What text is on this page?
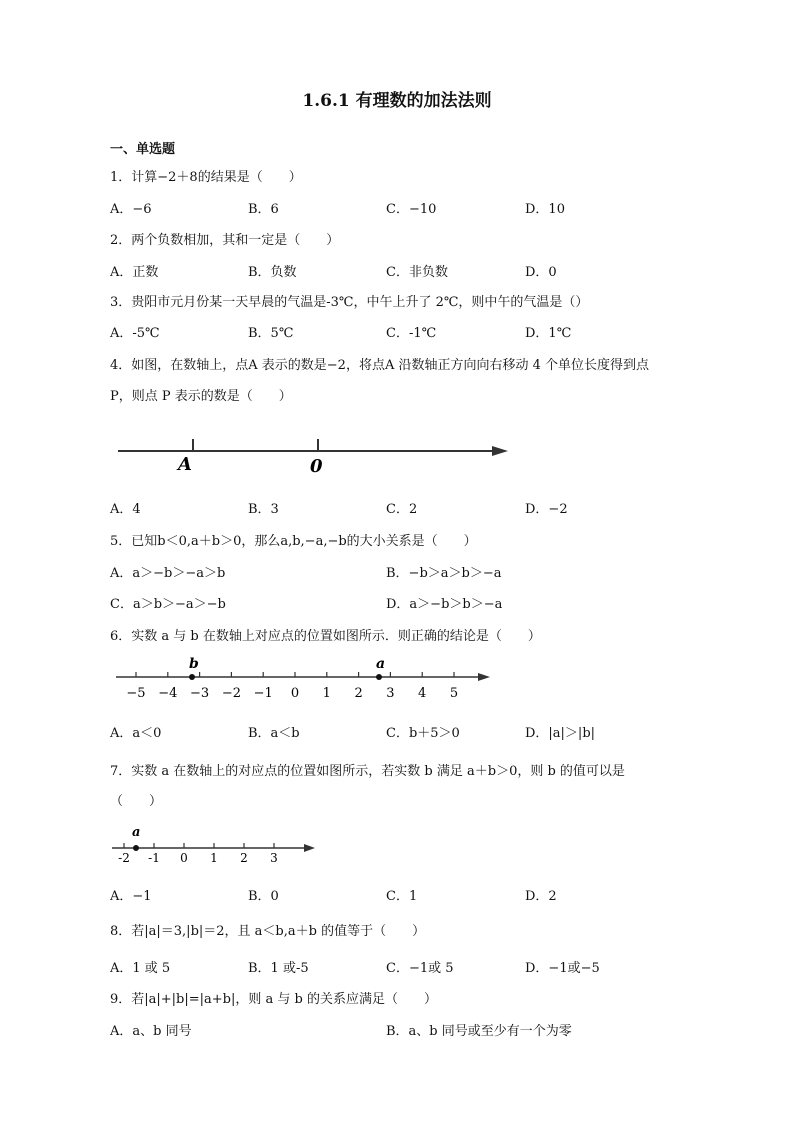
1.6.1 有理数的加法法则
一、单选题
1．计算−2＋8的结果是（　　）
A．−6	B．6	C．−10	D．10
2．两个负数相加，其和一定是（　　）
A．正数	B．负数	C．非负数	D．0
3．贵阳市元月份某一天早晨的气温是-3℃，中午上升了 2℃，则中午的气温是（）
A．-5℃	B．5℃	C．-1℃	D．1℃
4．如图，在数轴上，点A 表示的数是−2，将点A 沿数轴正方向向右移动 4 个单位长度得到点
P，则点 P 表示的数是（　　）
A	0
A．4	B．3	C．2	D．−2
5．已知b＜0,a＋b＞0，那么a,b,−a,−b的大小关系是（　　）
A．a＞−b＞−a＞b	B．−b＞a＞b＞−a
C．a＞b＞−a＞−b	D．a＞−b＞b＞−a
6．实数 a 与 b 在数轴上对应点的位置如图所示．则正确的结论是（　　）
−5 −4 −3 −2 −1 0 1 2 3 4 5
b	a
A．a＜0	B．a＜b	C．b＋5＞0	D．|a|＞|b|
7．实数 a 在数轴上的对应点的位置如图所示，若实数 b 满足 a＋b＞0，则 b 的值可以是
（　　）
-2 -1 0 1 2 3
a
A．−1	B．0	C．1	D．2
8．若|a|＝3,|b|＝2，且 a＜b,a＋b 的值等于（　　）
A．1 或 5	B．1 或-5	C．−1或 5	D．−1或−5
9．若|a|+|b|=|a+b|，则 a 与 b 的关系应满足（　　）
A．a、b 同号	B．a、b 同号或至少有一个为零
